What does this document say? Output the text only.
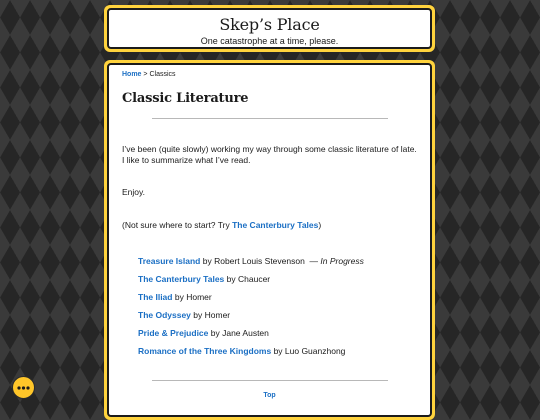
Skep’s Place
One catastrophe at a time, please.
Home > Classics
Classic Literature

I’ve been (quite slowly) working my way through some classic literature of late. I like to summarize what I’ve read.

Enjoy.

(Not sure where to start? Try The Canterbury Tales)

Treasure Island by Robert Louis Stevenson  — In Progress
The Canterbury Tales by Chaucer
The Iliad by Homer
The Odyssey by Homer
Pride & Prejudice by Jane Austen
Romance of the Three Kingdoms by Luo Guanzhong
Top
